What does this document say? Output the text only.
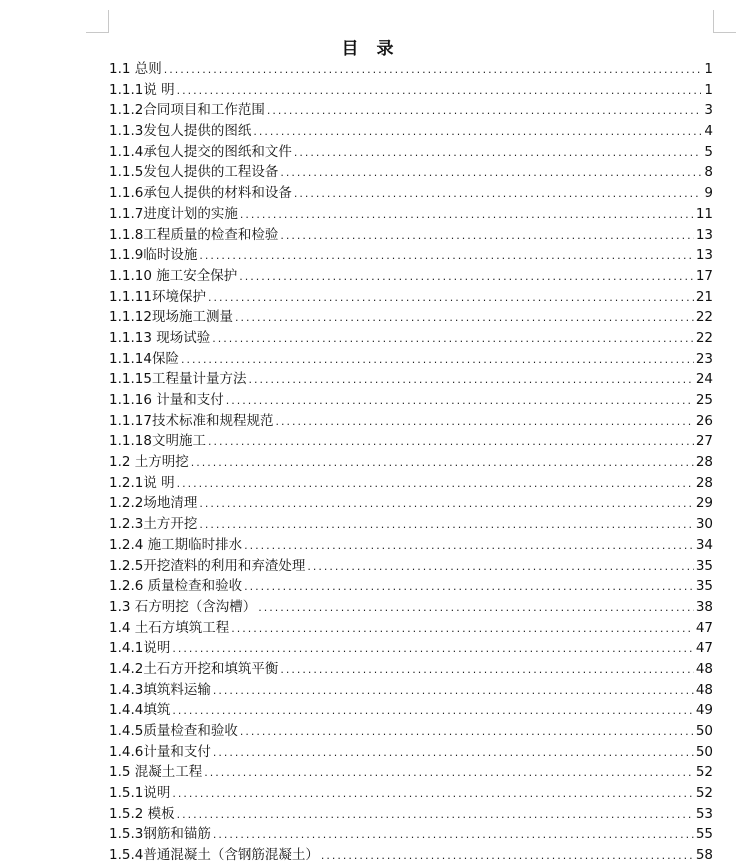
目 录
1.1 总则 .....	1
1.1.1说 明 .....	1
1.1.2合同项目和工作范围 .....	3
1.1.3发包人提供的图纸 .....	4
1.1.4承包人提交的图纸和文件 .....	5
1.1.5发包人提供的工程设备 .....	8
1.1.6承包人提供的材料和设备 .....	9
1.1.7进度计划的实施 .....	11
1.1.8工程质量的检查和检验 .....	13
1.1.9临时设施 .....	13
1.1.10 施工安全保护 .....	17
1.1.11环境保护 .....	21
1.1.12现场施工测量 .....	22
1.1.13 现场试验 .....	22
1.1.14保险 .....	23
1.1.15工程量计量方法 .....	24
1.1.16 计量和支付 .....	25
1.1.17技术标准和规程规范 .....	26
1.1.18文明施工 .....	27
1.2 土方明挖 .....	28
1.2.1说 明 .....	28
1.2.2场地清理 .....	29
1.2.3土方开挖 .....	30
1.2.4 施工期临时排水 .....	34
1.2.5开挖渣料的利用和弃渣处理 .....	35
1.2.6 质量检查和验收 .....	35
1.3 石方明挖（含沟槽） .....	38
1.4 土石方填筑工程 .....	47
1.4.1说明 .....	47
1.4.2土石方开挖和填筑平衡 .....	48
1.4.3填筑料运输 .....	48
1.4.4填筑 .....	49
1.4.5质量检查和验收 .....	50
1.4.6计量和支付 .....	50
1.5 混凝土工程 .....	52
1.5.1说明 .....	52
1.5.2 模板 .....	53
1.5.3钢筋和锚筋 .....	55
1.5.4普通混凝土（含钢筋混凝土） .....	58
